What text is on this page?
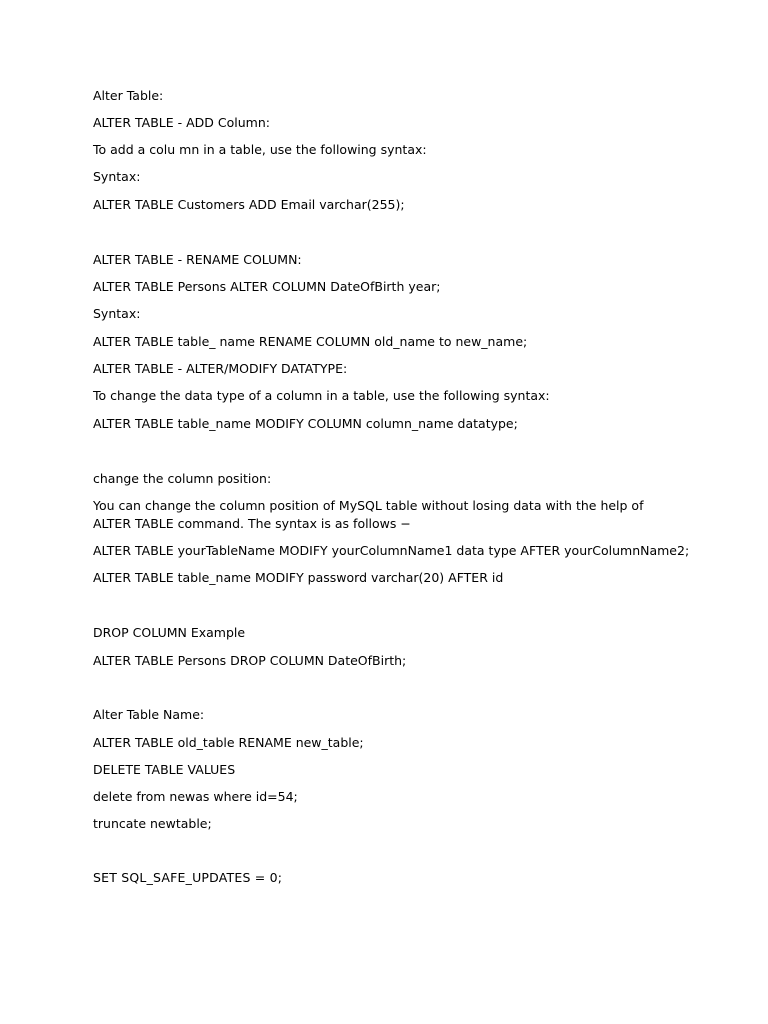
Alter Table:
ALTER TABLE - ADD Column:
To add a colu mn in a table, use the following syntax:
Syntax:
ALTER TABLE Customers ADD Email varchar(255);
ALTER TABLE - RENAME COLUMN:
ALTER TABLE Persons ALTER COLUMN DateOfBirth year;
Syntax:
ALTER TABLE table_ name RENAME COLUMN old_name to new_name;
ALTER TABLE - ALTER/MODIFY DATATYPE:
To change the data type of a column in a table, use the following syntax:
ALTER TABLE table_name MODIFY COLUMN column_name datatype;
change the column position:
You can change the column position of MySQL table without losing data with the help of ALTER TABLE command. The syntax is as follows −
ALTER TABLE yourTableName MODIFY yourColumnName1 data type AFTER yourColumnName2;
ALTER TABLE table_name MODIFY password varchar(20) AFTER id
DROP COLUMN Example
ALTER TABLE Persons DROP COLUMN DateOfBirth;
Alter Table Name:
ALTER TABLE old_table RENAME new_table;
DELETE TABLE VALUES
delete from newas where id=54;
truncate newtable;
SET SQL_SAFE_UPDATES = 0;
